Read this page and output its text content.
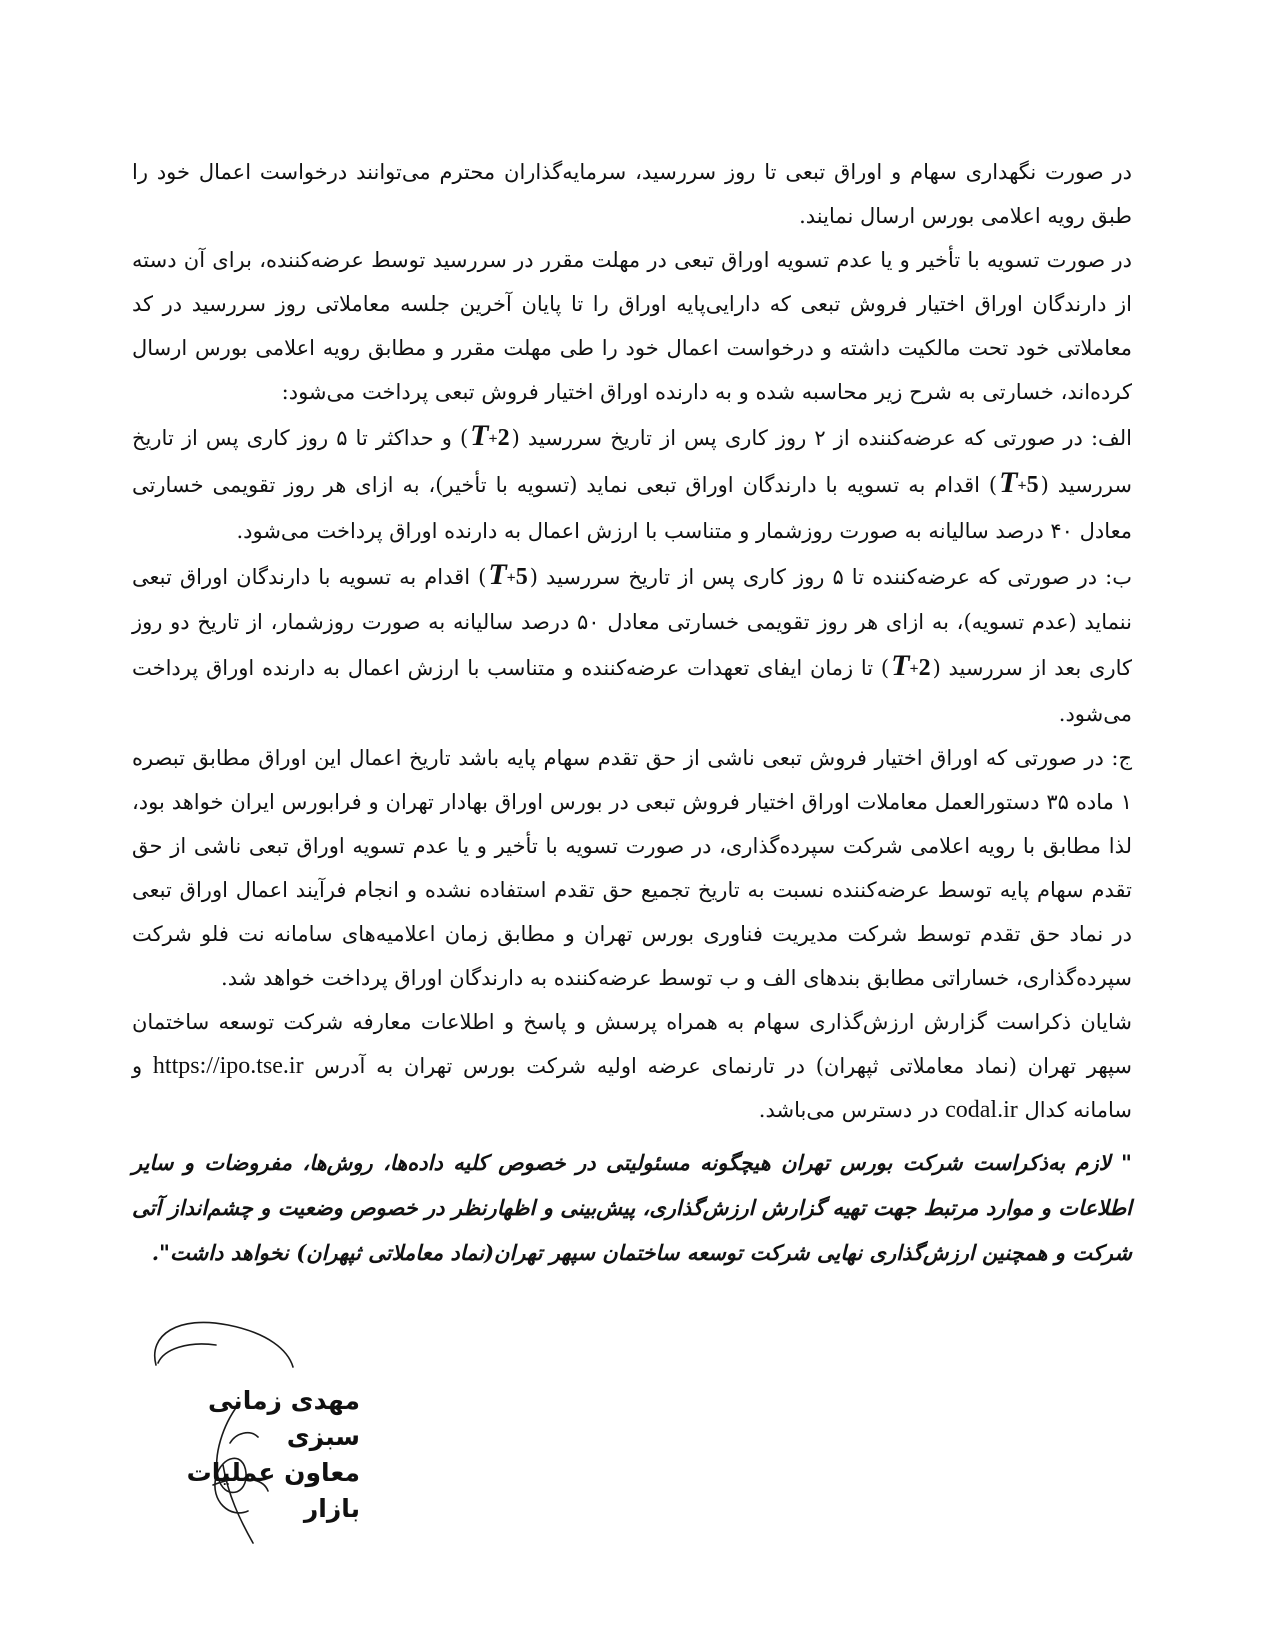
در صورت نگهداری سهام و اوراق تبعی تا روز سررسید، سرمایه‌گذاران محترم می‌توانند درخواست اعمال خود را طبق رویه اعلامی بورس ارسال نمایند.

در صورت تسویه با تأخیر و یا عدم تسویه اوراق تبعی در مهلت مقرر در سررسید توسط عرضه‌کننده، برای آن دسته از دارندگان اوراق اختیار فروش تبعی که دارایی‌پایه اوراق را تا پایان آخرین جلسه معاملاتی روز سررسید در کد معاملاتی خود تحت مالکیت داشته و درخواست اعمال خود را طی مهلت مقرر و مطابق رویه اعلامی بورس ارسال کرده‌اند، خسارتی به شرح زیر محاسبه شده و به دارنده اوراق اختیار فروش تبعی پرداخت می‌شود:

الف: در صورتی که عرضه‌کننده از ۲ روز کاری پس از تاریخ سررسید (T+2) و حداکثر تا ۵ روز کاری پس از تاریخ سررسید (T+5) اقدام به تسویه با دارندگان اوراق تبعی نماید (تسویه با تأخیر)، به ازای هر روز تقویمی خسارتی معادل ۴۰ درصد سالیانه به صورت روزشمار و متناسب با ارزش اعمال به دارنده اوراق پرداخت می‌شود.

ب: در صورتی که عرضه‌کننده تا ۵ روز کاری پس از تاریخ سررسید (T+5) اقدام به تسویه با دارندگان اوراق تبعی ننماید (عدم تسویه)، به ازای هر روز تقویمی خسارتی معادل ۵۰ درصد سالیانه به صورت روزشمار، از تاریخ دو روز کاری بعد از سررسید (T+2) تا زمان ایفای تعهدات عرضه‌کننده و متناسب با ارزش اعمال به دارنده اوراق پرداخت می‌شود.

ج: در صورتی که اوراق اختیار فروش تبعی ناشی از حق تقدم سهام پایه باشد تاریخ اعمال این اوراق مطابق تبصره ۱ ماده ۳۵ دستورالعمل معاملات اوراق اختیار فروش تبعی در بورس اوراق بهادار تهران و فرابورس ایران خواهد بود، لذا مطابق با رویه اعلامی شرکت سپرده‌گذاری، در صورت تسویه با تأخیر و یا عدم تسویه اوراق تبعی ناشی از حق تقدم سهام پایه توسط عرضه‌کننده نسبت به تاریخ تجمیع حق تقدم استفاده نشده و انجام فرآیند اعمال اوراق تبعی در نماد حق تقدم توسط شرکت مدیریت فناوری بورس تهران و مطابق زمان اعلامیه‌های سامانه نت فلو شرکت سپرده‌گذاری، خساراتی مطابق بندهای الف و ب توسط عرضه‌کننده به دارندگان اوراق پرداخت خواهد شد.

شایان ذکراست گزارش ارزش‌گذاری سهام به همراه پرسش و پاسخ و اطلاعات معارفه شرکت توسعه ساختمان سپهر تهران (نماد معاملاتی ثپهران) در تارنمای عرضه اولیه شرکت بورس تهران به آدرس https://ipo.tse.ir و سامانه کدال codal.ir در دسترس می‌باشد.

" لازم به‌ذکر‌است شرکت بورس تهران هیچگونه مسئولیتی در خصوص کلیه داده‌ها، روش‌ها، مفروضات و سایر اطلاعات و موارد مرتبط جهت تهیه گزارش ارزش‌گذاری، پیش‌بینی و اظهارنظر در خصوص وضعیت و چشم‌انداز آتی شرکت و همچنین ارزش‌گذاری نهایی شرکت توسعه ساختمان سپهر تهران(نماد معاملاتی ثپهران) نخواهد داشت".

مهدی زمانی سبزی
معاون عملیات بازار
